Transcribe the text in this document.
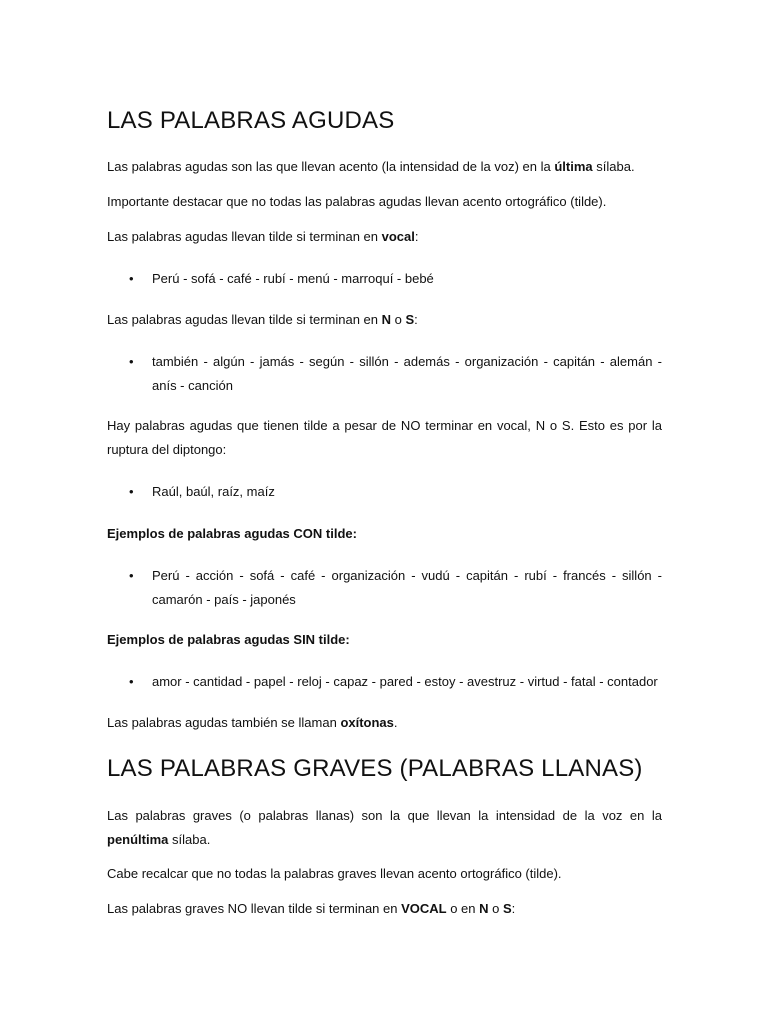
LAS PALABRAS AGUDAS

Las palabras agudas son las que llevan acento (la intensidad de la voz) en la última sílaba.

Importante destacar que no todas las palabras agudas llevan acento ortográfico (tilde).

Las palabras agudas llevan tilde si terminan en vocal:

•	Perú - sofá - café - rubí - menú - marroquí - bebé

Las palabras agudas llevan tilde si terminan en N o S:

•	también - algún - jamás - según - sillón - además - organización - capitán - alemán - anís - canción

Hay palabras agudas que tienen tilde a pesar de NO terminar en vocal, N o S. Esto es por la ruptura del diptongo:

•	Raúl, baúl, raíz, maíz

Ejemplos de palabras agudas CON tilde:

•	Perú - acción - sofá - café - organización - vudú - capitán - rubí - francés - sillón - camarón - país - japonés

Ejemplos de palabras agudas SIN tilde:

•	amor - cantidad - papel - reloj - capaz - pared - estoy - avestruz - virtud - fatal - contador

Las palabras agudas también se llaman oxítonas.

LAS PALABRAS GRAVES (PALABRAS LLANAS)

Las palabras graves (o palabras llanas) son la que llevan la intensidad de la voz en la penúltima sílaba.

Cabe recalcar que no todas la palabras graves llevan acento ortográfico (tilde).

Las palabras graves NO llevan tilde si terminan en VOCAL o en N o S:
